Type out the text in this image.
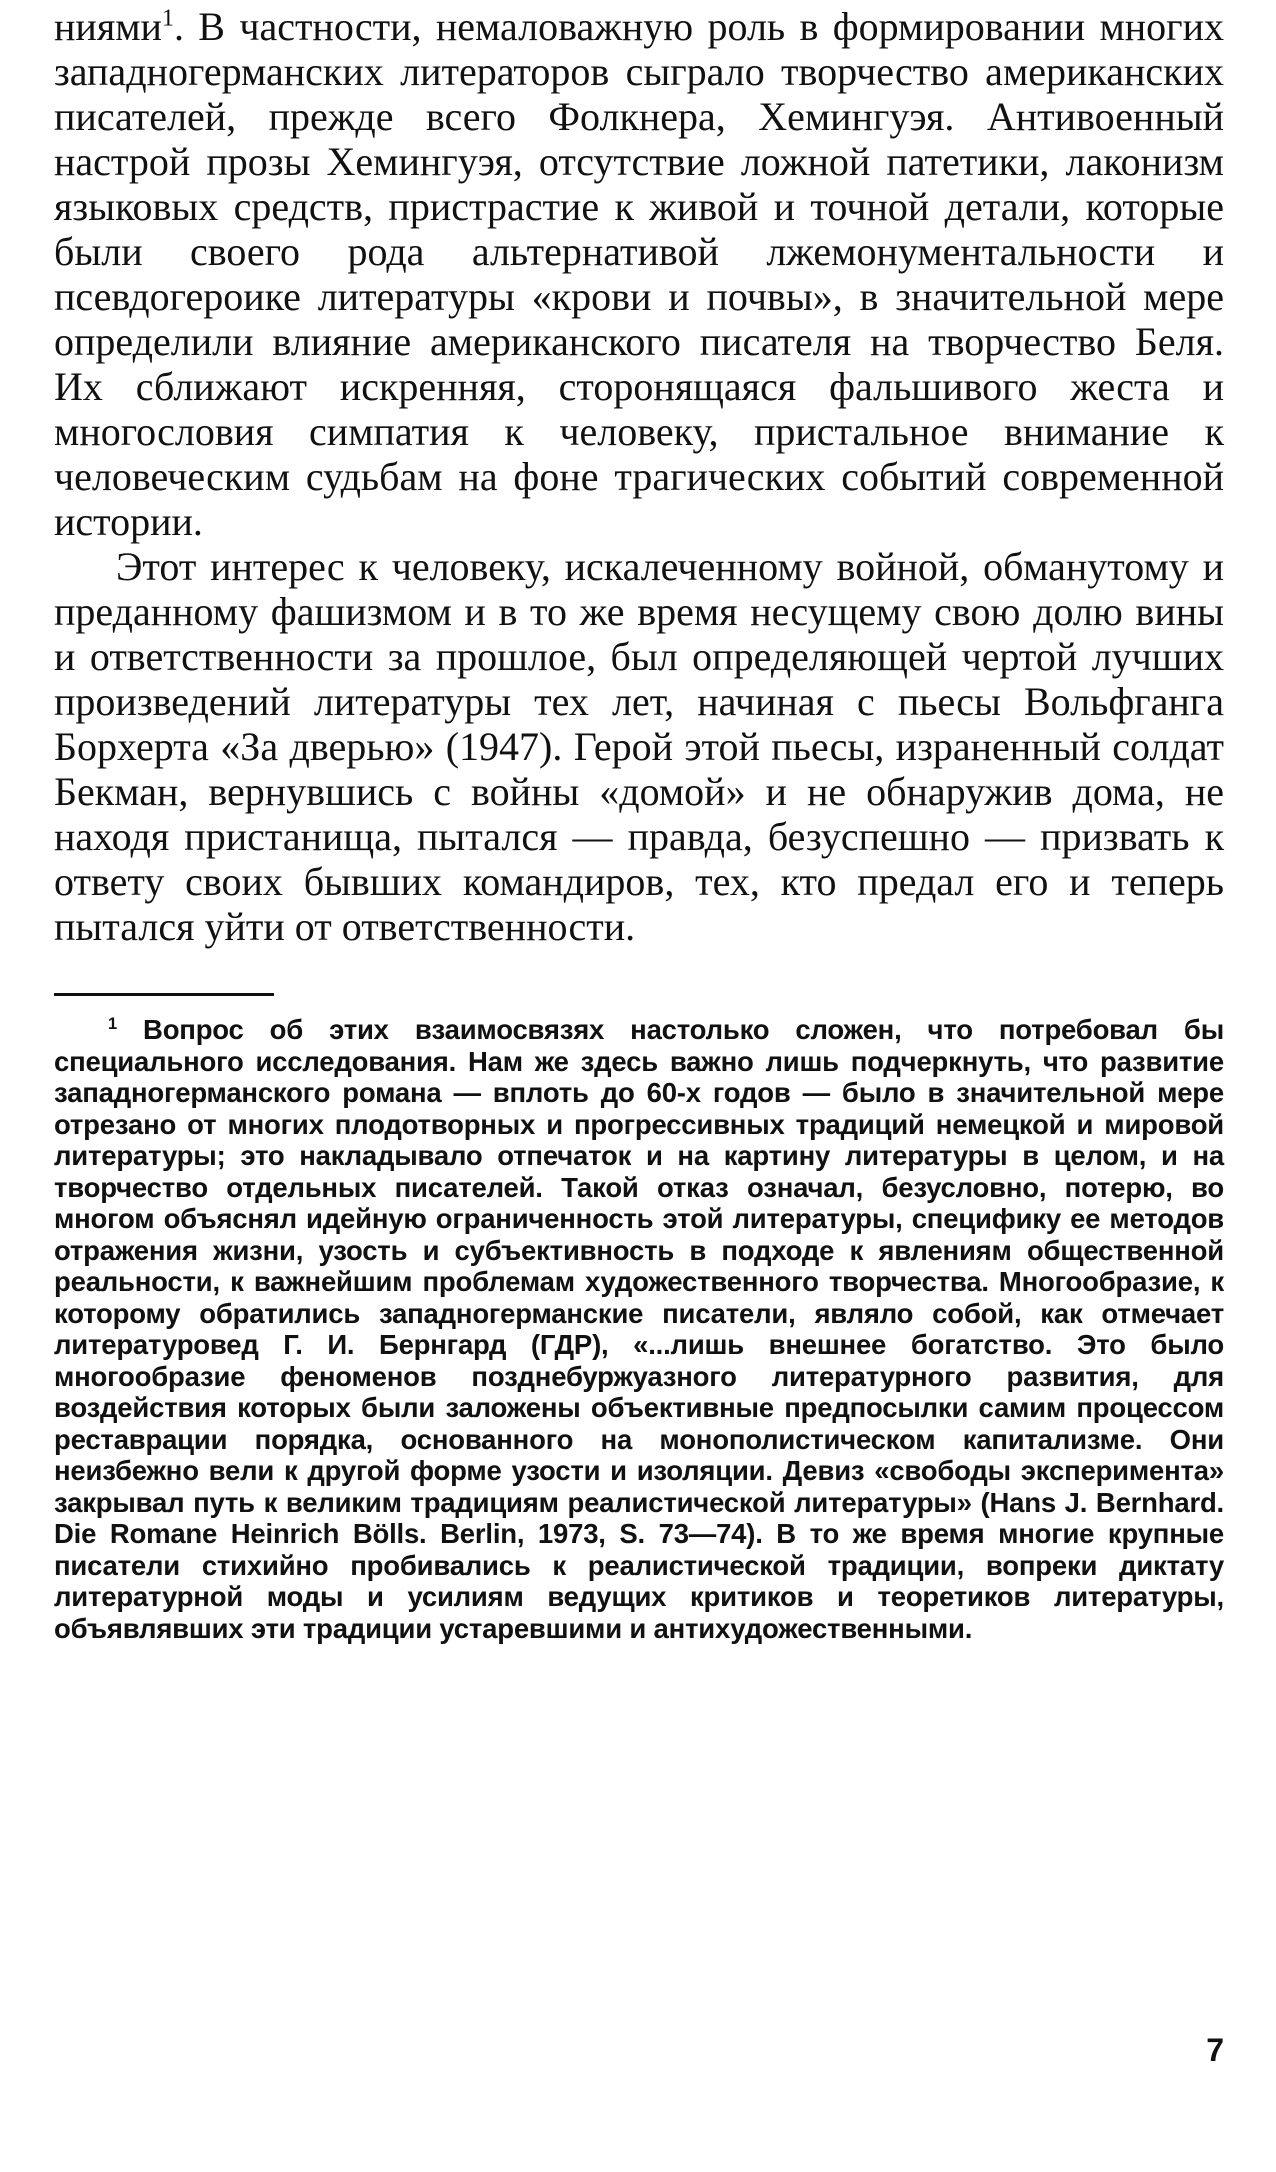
ниями$^1$. В частности, немаловажную роль в формировании многих западногерманских литераторов сыграло творчество американских писателей, прежде всего Фолкнера, Хемингуэя. Антивоенный настрой прозы Хемингуэя, отсутствие ложной патетики, лаконизм языковых средств, пристрастие к живой и точной детали, которые были своего рода альтернативой лжемонументальности и псевдогероике литературы «крови и почвы», в значительной мере определили влияние американского писателя на творчество Беля. Их сближают искренняя, сторонящаяся фальшивого жеста и многословия симпатия к человеку, пристальное внимание к человеческим судьбам на фоне трагических событий современной истории.

Этот интерес к человеку, искалеченному войной, обманутому и преданному фашизмом и в то же время несущему свою долю вины и ответственности за прошлое, был определяющей чертой лучших произведений литературы тех лет, начиная с пьесы Вольфганга Борхерта «За дверью» (1947). Герой этой пьесы, израненный солдат Бекман, вернувшись с войны «домой» и не обнаружив дома, не находя пристанища, пытался — правда, безуспешно — призвать к ответу своих бывших командиров, тех, кто предал его и теперь пытался уйти от ответственности.

$^1$ Вопрос об этих взаимосвязях настолько сложен, что потребовал бы специального исследования. Нам же здесь важно лишь подчеркнуть, что развитие западногерманского романа — вплоть до 60-х годов — было в значительной мере отрезано от многих плодотворных и прогрессивных традиций немецкой и мировой литературы; это накладывало отпечаток и на картину литературы в целом, и на творчество отдельных писателей. Такой отказ означал, безусловно, потерю, во многом объяснял идейную ограниченность этой литературы, специфику ее методов отражения жизни, узость и субъективность в подходе к явлениям общественной реальности, к важнейшим проблемам художественного творчества. Многообразие, к которому обратились западногерманские писатели, являло собой, как отмечает литературовед Г. И. Бернгард (ГДР), «...лишь внешнее богатство. Это было многообразие феноменов позднебуржуазного литературного развития, для воздействия которых были заложены объективные предпосылки самим процессом реставрации порядка, основанного на монополистическом капитализме. Они неизбежно вели к другой форме узости и изоляции. Девиз «свободы эксперимента» закрывал путь к великим традициям реалистической литературы» (Hans J. Bernhard. Die Romane Heinrich Bölls. Berlin, 1973, S. 73—74). В то же время многие крупные писатели стихийно пробивались к реалистической традиции, вопреки диктату литературной моды и усилиям ведущих критиков и теоретиков литературы, объявлявших эти традиции устаревшими и антихудожественными.

7
